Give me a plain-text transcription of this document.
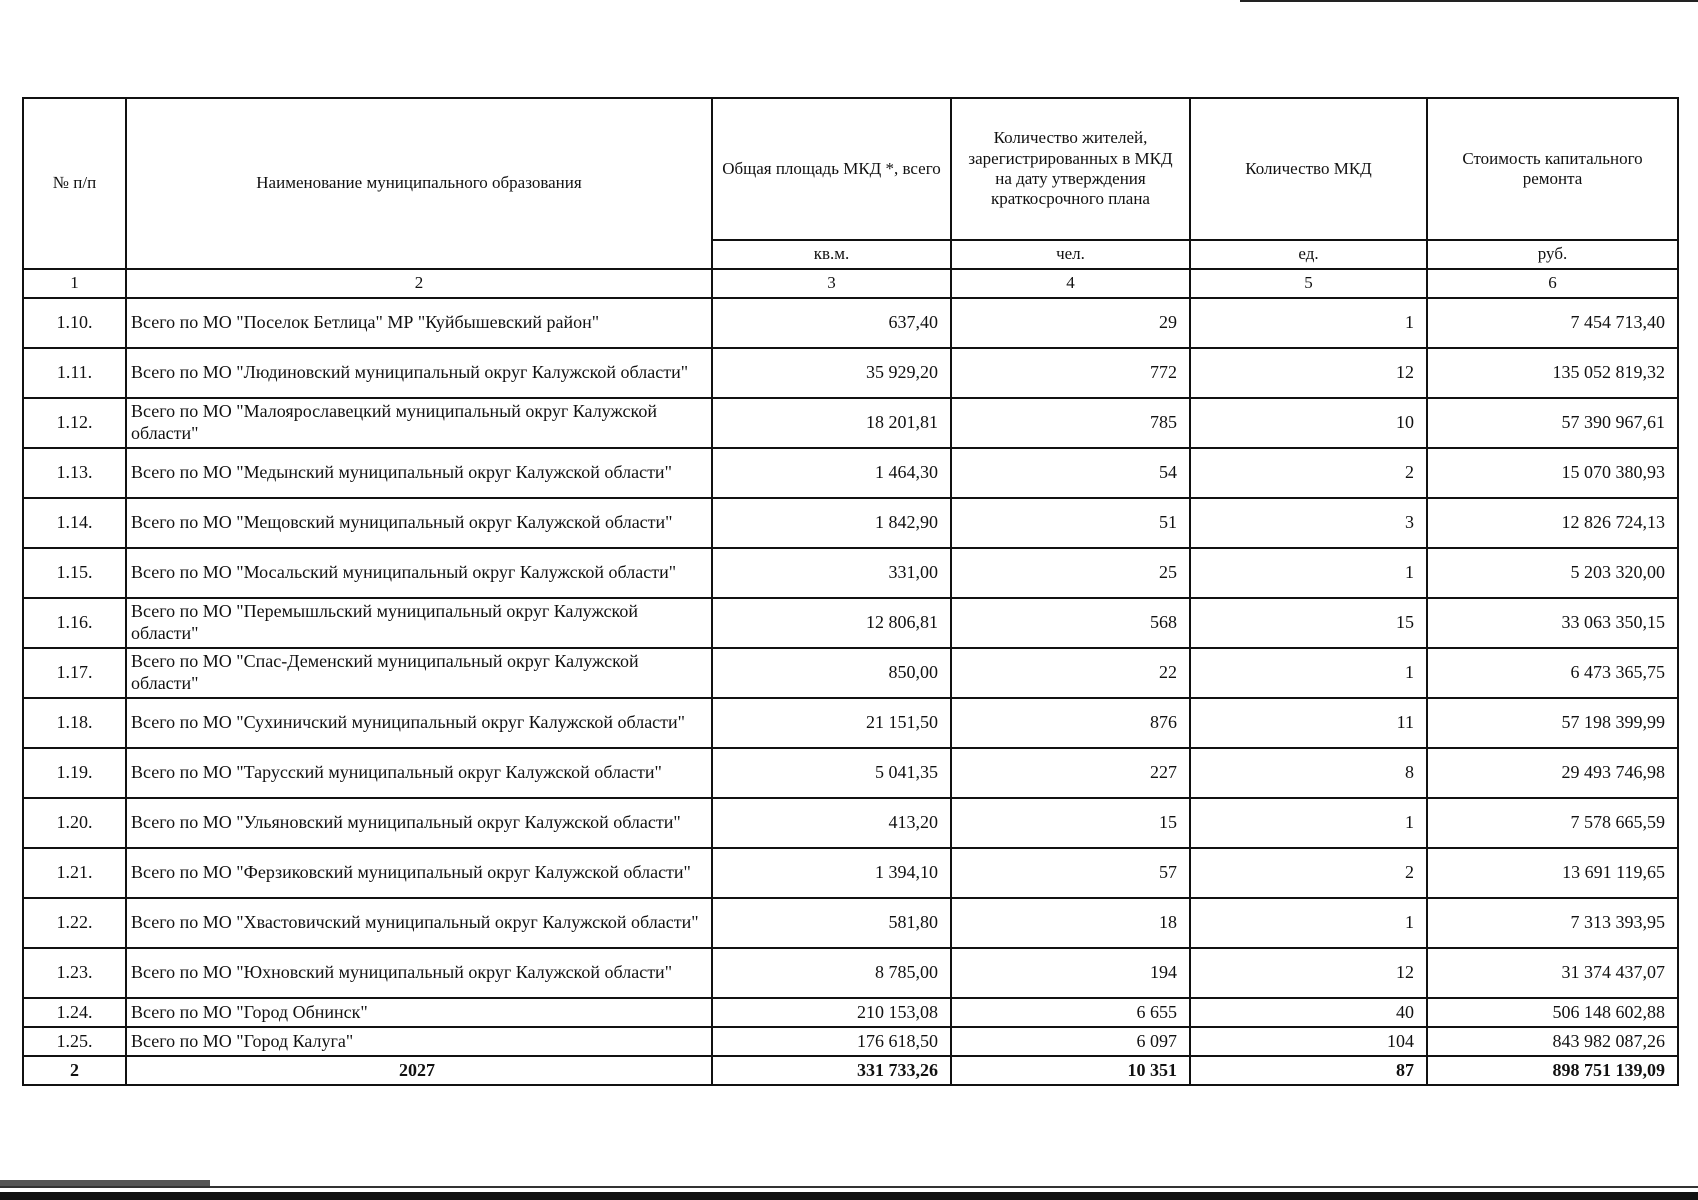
№ п/п	Наименование муниципального образования	Общая площадь МКД *, всего	Количество жителей, зарегистрированных в МКД на дату утверждения краткосрочного плана	Количество МКД	Стоимость капитального ремонта
		кв.м.	чел.	ед.	руб.
1	2	3	4	5	6
1.10.	Всего по МО "Поселок Бетлица" МР "Куйбышевский район"	637,40	29	1	7 454 713,40
1.11.	Всего по МО "Людиновский муниципальный округ Калужской области"	35 929,20	772	12	135 052 819,32
1.12.	Всего по МО "Малоярославецкий муниципальный округ Калужской области"	18 201,81	785	10	57 390 967,61
1.13.	Всего по МО "Медынский муниципальный округ Калужской области"	1 464,30	54	2	15 070 380,93
1.14.	Всего по МО "Мещовский муниципальный округ Калужской области"	1 842,90	51	3	12 826 724,13
1.15.	Всего по МО "Мосальский муниципальный округ Калужской области"	331,00	25	1	5 203 320,00
1.16.	Всего по МО "Перемышльский муниципальный округ Калужской области"	12 806,81	568	15	33 063 350,15
1.17.	Всего по МО "Спас-Деменский муниципальный округ Калужской области"	850,00	22	1	6 473 365,75
1.18.	Всего по МО "Сухиничский муниципальный округ Калужской области"	21 151,50	876	11	57 198 399,99
1.19.	Всего по МО "Тарусский муниципальный округ Калужской области"	5 041,35	227	8	29 493 746,98
1.20.	Всего по МО "Ульяновский муниципальный округ Калужской области"	413,20	15	1	7 578 665,59
1.21.	Всего по МО "Ферзиковский муниципальный округ Калужской области"	1 394,10	57	2	13 691 119,65
1.22.	Всего по МО "Хвастовичский муниципальный округ Калужской области"	581,80	18	1	7 313 393,95
1.23.	Всего по МО "Юхновский муниципальный округ Калужской области"	8 785,00	194	12	31 374 437,07
1.24.	Всего по МО "Город Обнинск"	210 153,08	6 655	40	506 148 602,88
1.25.	Всего по МО "Город Калуга"	176 618,50	6 097	104	843 982 087,26
2	2027	331 733,26	10 351	87	898 751 139,09
